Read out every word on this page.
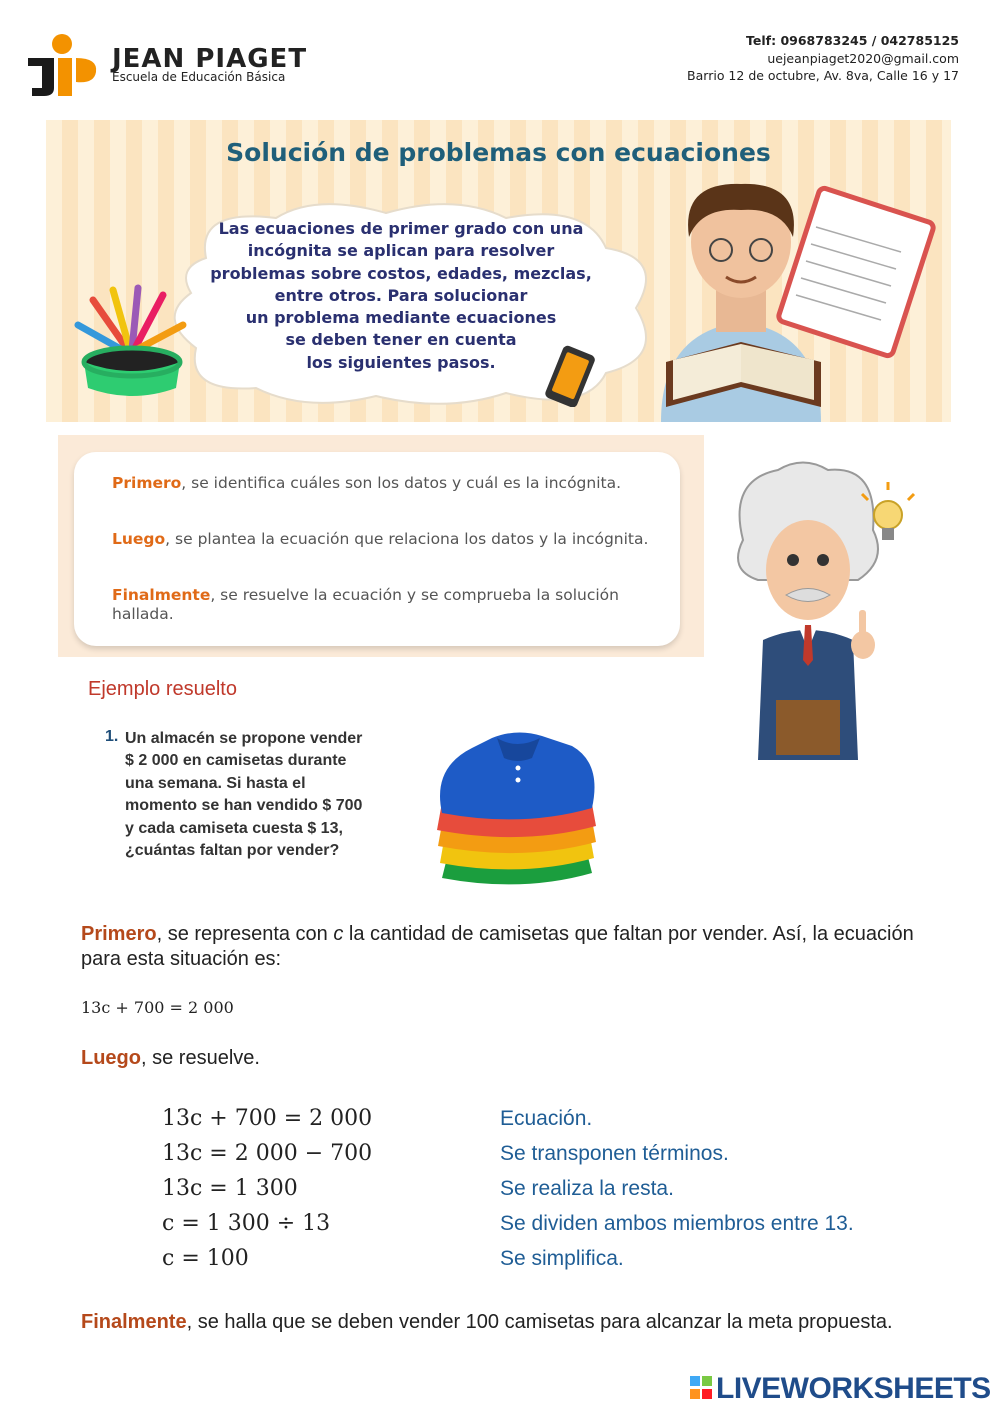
JEAN PIAGET
Escuela de Educación Básica
Telf: 0968783245 / 042785125
uejeanpiaget2020@gmail.com
Barrio 12 de octubre, Av. 8va, Calle 16 y 17
Solución de problemas con ecuaciones
Las ecuaciones de primer grado con una
incógnita se aplican para resolver
problemas sobre costos, edades, mezclas,
entre otros. Para solucionar
un problema mediante ecuaciones
se deben tener en cuenta
los siguientes pasos.
Primero, se identifica cuáles son los datos y cuál es la incógnita.
Luego, se plantea la ecuación que relaciona los datos y la incógnita.
Finalmente, se resuelve la ecuación y se comprueba la solución hallada.
Ejemplo resuelto
1. Un almacén se propone vender $ 2 000 en camisetas durante una semana. Si hasta el momento se han vendido $ 700 y cada camiseta cuesta $ 13, ¿cuántas faltan por vender?
Primero, se representa con c la cantidad de camisetas que faltan por vender. Así, la ecuación para esta situación es:
13c + 700 = 2 000
Luego, se resuelve.
13c + 700 = 2 000	Ecuación.
13c = 2 000 − 700	Se transponen términos.
13c = 1 300	Se realiza la resta.
c = 1 300 ÷ 13	Se dividen ambos miembros entre 13.
c = 100	Se simplifica.
Finalmente, se halla que se deben vender 100 camisetas para alcanzar la meta propuesta.
LIVEWORKSHEETS
